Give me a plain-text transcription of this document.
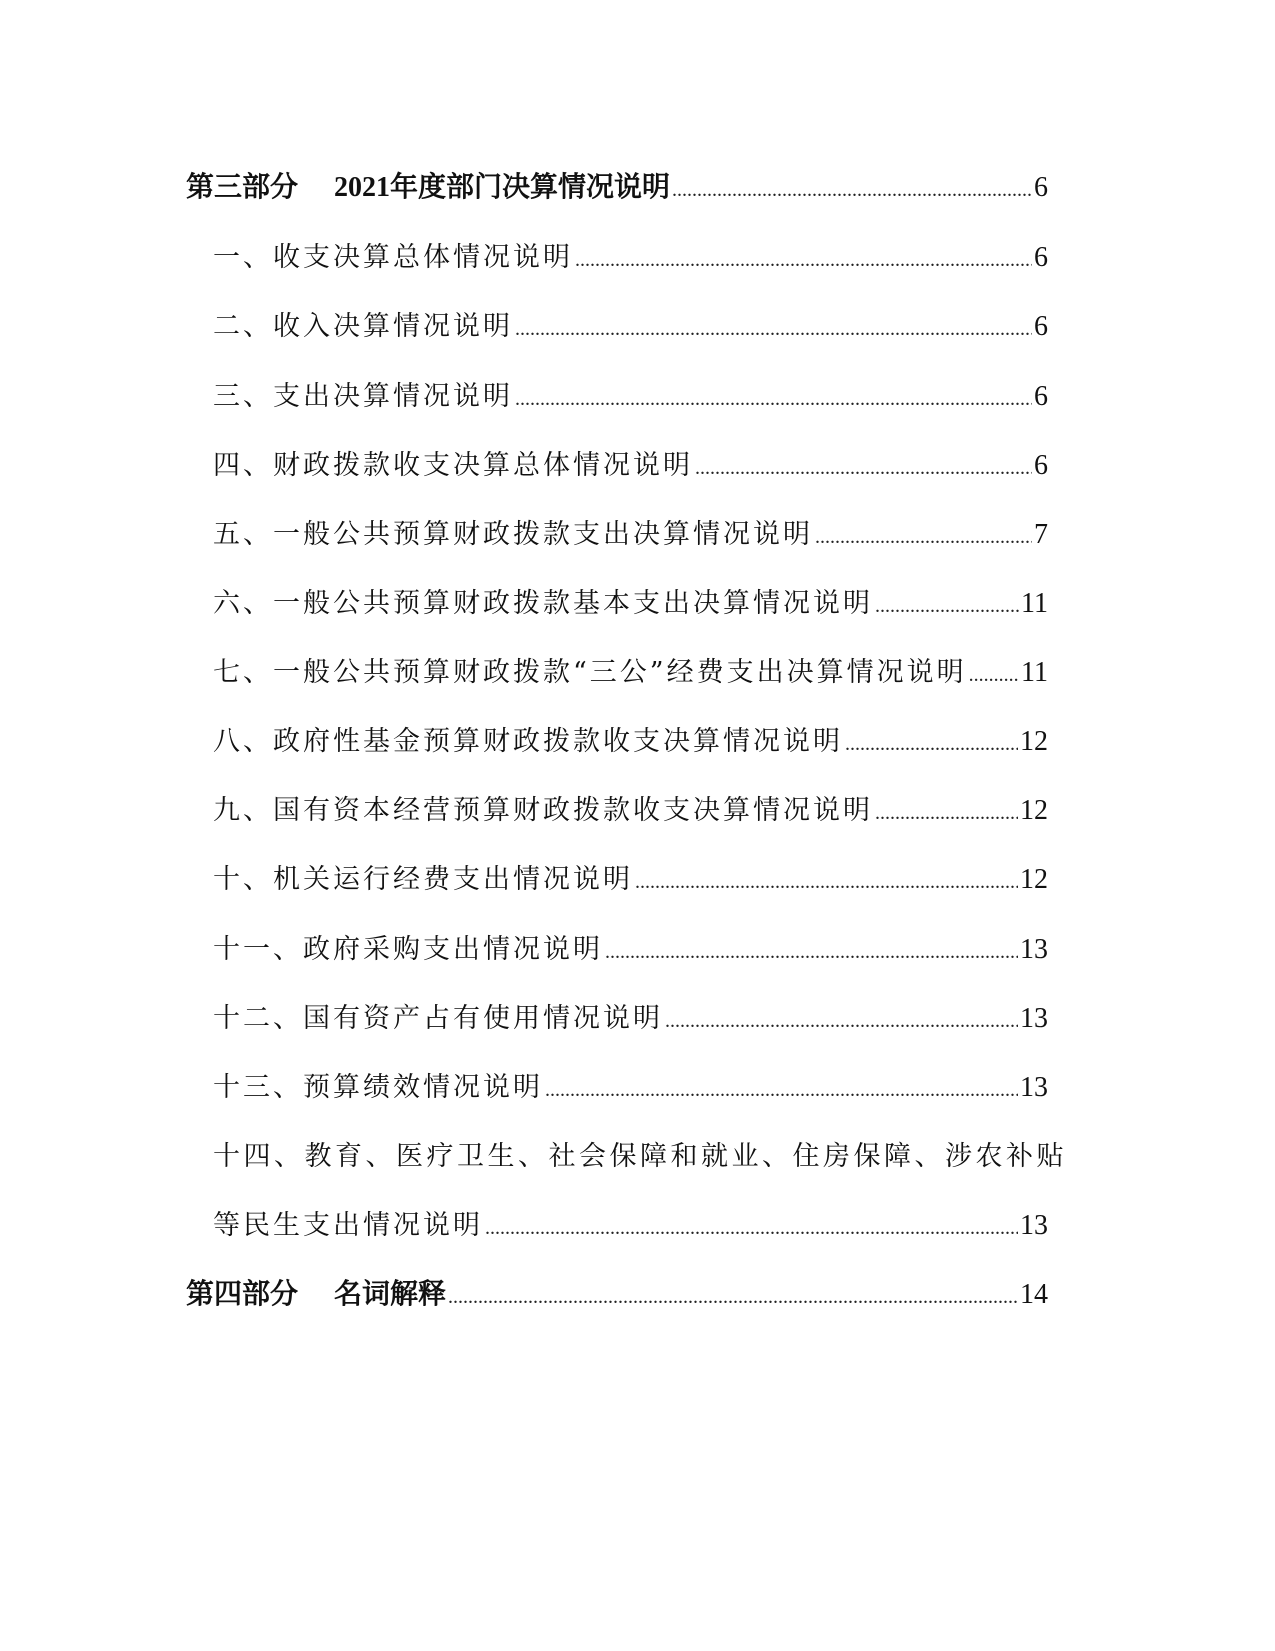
第三部分 2021年度部门决算情况说明 .....	6
一、收支决算总体情况说明 .....	6
二、收入决算情况说明 .....	6
三、支出决算情况说明 .....	6
四、财政拨款收支决算总体情况说明 .....	6
五、一般公共预算财政拨款支出决算情况说明 .....	7
六、一般公共预算财政拨款基本支出决算情况说明 .....	11
七、一般公共预算财政拨款“三公”经费支出决算情况说明 ..... 11
八、政府性基金预算财政拨款收支决算情况说明 .....	12
九、国有资本经营预算财政拨款收支决算情况说明 .....	12
十、机关运行经费支出情况说明 .....	12
十一、政府采购支出情况说明 .....	13
十二、国有资产占有使用情况说明 .....	13
十三、预算绩效情况说明 .....	13
十四、教育、医疗卫生、社会保障和就业、住房保障、涉农补贴
等民生支出情况说明 .....	13
第四部分 名词解释 .....	14
